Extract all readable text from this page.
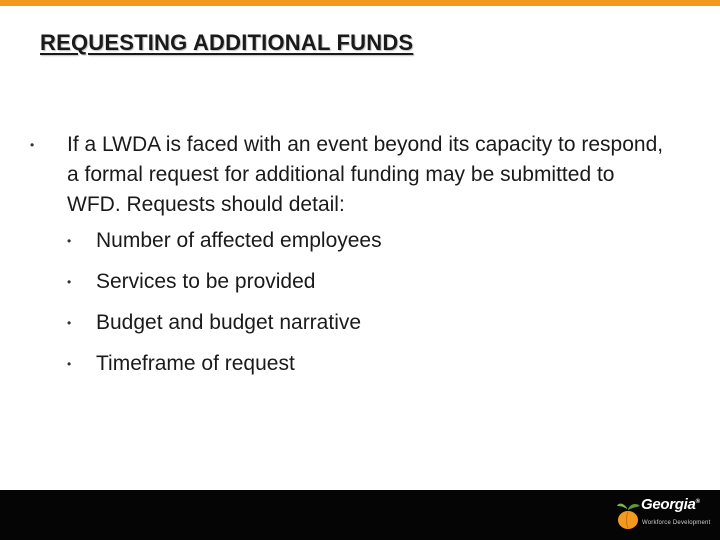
REQUESTING ADDITIONAL FUNDS
• If a LWDA is faced with an event beyond its capacity to respond, a formal request for additional funding may be submitted to WFD. Requests should detail:
• Number of affected employees
• Services to be provided
• Budget and budget narrative
• Timeframe of request
Georgia®
Workforce Development
